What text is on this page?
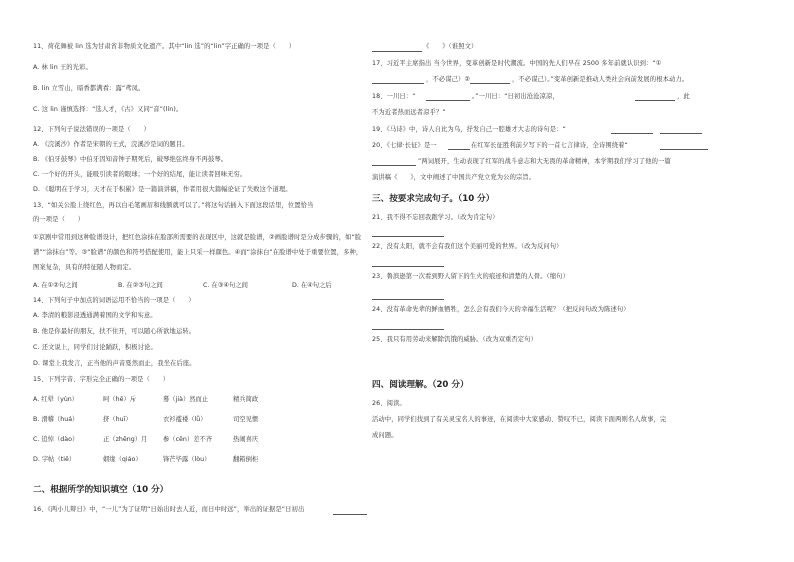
11、荷花舞被 lin 选为甘肃省非物质文化遗产。其中“lin 选”的“lin”字正确的一项是（　　）
A. 林 lin 王的光彩。
B. lin 立雪山，暗香都满看：露“鸢凤。
C. 这 lin 谨慎选择：“选人才，《古》又同“音”(lín)。
12、下列句子说法错误的一项是（　　）
A. 《浣溪沙》作者是宋朝的王式，浣溪沙是词的题目。
B. 《伯牙鼓琴》中伯牙因知音钟子期死后，破琴绝弦终身不再鼓琴。
C. 一个好的开头，能吸引读者的眼球；一个好的结尾，能让读者回味无穷。
D. 《聪明在于学习，天才在于积累》是一篇演讲稿，作者用很大篇幅论证了失败这个道理。
13、“如关公脸上绕红色，再以白毛笔画眉和线额就可以了。”将这句话插入下面这段话里，位置恰当
的一项是（　　）
①京剧中常用到这种脸谱设计，把红色涂抹在脸部所需要的表现区中，这就是脸谱，②画脸谱时是分成步骤的，如“脸
谱”“涂抹白”等。③“脸谱”的颜色和符号搭配使用，能上只采一样颜色。④而“涂抹白”在脸谱中处于重要位置，多种，
图案复杂，具有的特征随人物而定。
A. 在①②句之间	B. 在②③句之间	C. 在③④句之间	D. 在④句之后
14、下列句子中加点的词语运用不恰当的一项是（　　）
A. 李清的粮影浸透通满着国的文学和实意。
B. 他是你最好的朋友，扶不住开，可以随心所欲地运转。
C. 还文说上，同学们讨论踊跃，积极讨论。
D. 课堂上我发言，正当他的声音戛然而止，我坐在后座。
15、下列字音、字形完全正确的一项是（　　）
A. 红晕（yùn）	呵（hē）斥	蓦（jià）然而止	精兵简政
B. 滑稽（huá）	挤（huī）	衣衫褴褛（lǚ）	司空见惯
C. 追悼（dào）	正（zhēng）月 参（cēn）差不齐	热闹喜庆
D. 字帖（tiě）	姻缘（qiáo）	锋芒毕露（lòu）	翻箱倒柜
二、根据所学的知识填空（10 分）
16、《两小儿辩日》中，“一儿”为了证明“日始出时去人近，而日中时远”，举出的证据是“日初出
《　　》（谁照文）
17、习近平主席指出 当今世界，变革创新是时代潮流。中国的先人们早在 2500 多年前就认识到：“①
，不必谋己）②	，不必谋己）。”变革创新是推动人类社会向前发展的根本动力。
18、一川日：“	。”一川日：“日初出沧沧凉凉，	，此
不为近者热而远者凉乎？”
19、《马诗》中，诗人自比为乌，抒发自己一腔雄才大志的诗句是：“
20、《七律·长征》是一	在红军长征胜利前夕写下的一首七言律诗，全诗围绕着“
”两词展开，生动表现了红军的战斗意志和大无畏的革命精神，本学期我们学习了他的一篇
演讲稿《　　》，文中阐述了中国共产党立党为公的宗旨。
三、按要求完成句子。（10 分）
21、我不得不忘回我跑学习。（改为肯定句）
22、没有太阳，就不会有我们这个美丽可爱的世界。（改为反问句）
23、鲁滨逊第一次看到野人留下的生火的痕迹和清楚的人骨。（缩句）
24、没有革命先辈的鲜血牺牲，怎么会有我们今天的幸福生活呢？（把反问句改为陈述句）
25、我只有用劳动来解除饥饿的威胁。（改为双重否定句）
四、阅读理解。（20 分）
26、阅读。
活动中，同学们找到了有关灵宝名人的事迹，在阅读中大家感动、赞叹不已，阅读下面两则名人故事，完
成问题。
